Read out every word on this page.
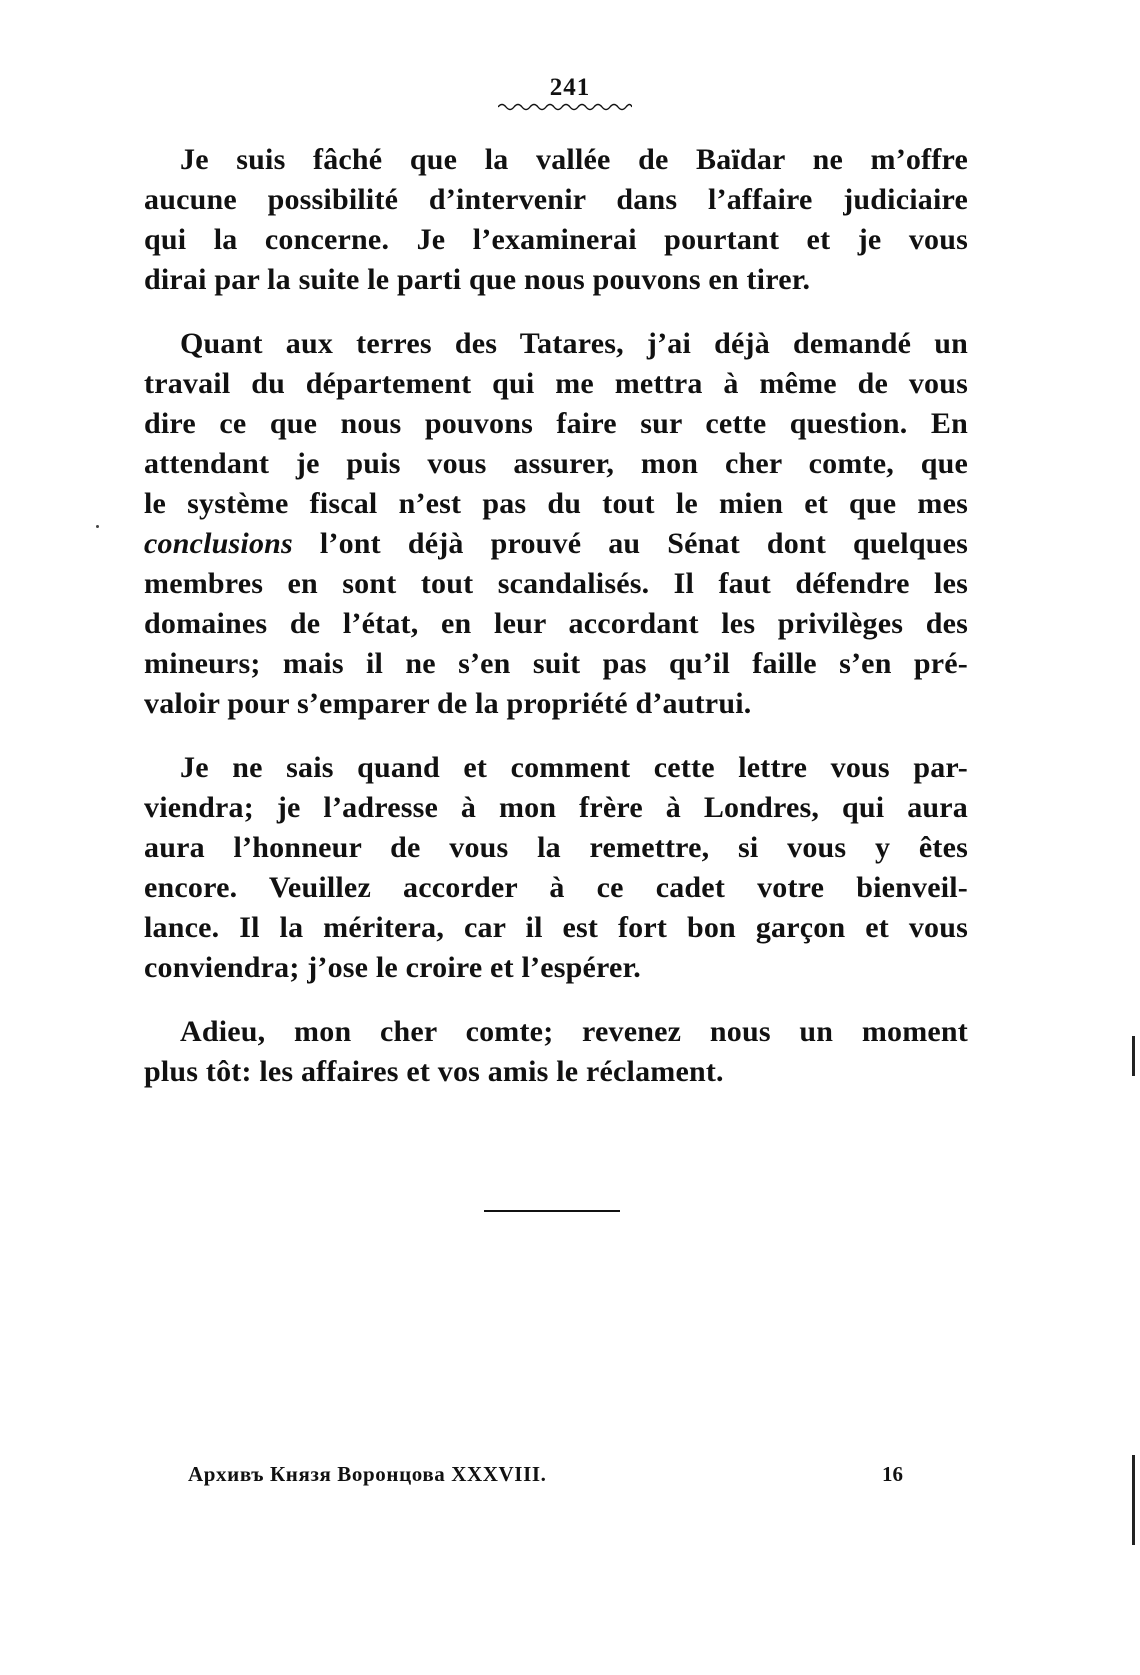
241

Je suis fâché que la vallée de Baïdar ne m’offre
aucune possibilité d’intervenir dans l’affaire judiciaire
qui la concerne. Je l’examinerai pourtant et je vous
dirai par la suite le parti que nous pouvons en tirer.

Quant aux terres des Tatares, j’ai déjà demandé un
travail du département qui me mettra à même de vous
dire ce que nous pouvons faire sur cette question. En
attendant je puis vous assurer, mon cher comte, que
le système fiscal n’est pas du tout le mien et que mes
conclusions l’ont déjà prouvé au Sénat dont quelques
membres en sont tout scandalisés. Il faut défendre les
domaines de l’état, en leur accordant les privilèges des
mineurs; mais il ne s’en suit pas qu’il faille s’en pré-
valoir pour s’emparer de la propriété d’autrui.

Je ne sais quand et comment cette lettre vous par-
viendra; je l’adresse à mon frère à Londres, qui aura
aura l’honneur de vous la remettre, si vous y êtes
encore. Veuillez accorder à ce cadet votre bienveil-
lance. Il la méritera, car il est fort bon garçon et vous
conviendra; j’ose le croire et l’espérer.

Adieu, mon cher comte; revenez nous un moment
plus tôt: les affaires et vos amis le réclament.

Архивъ Князя Воронцова XXXVIII.	16
